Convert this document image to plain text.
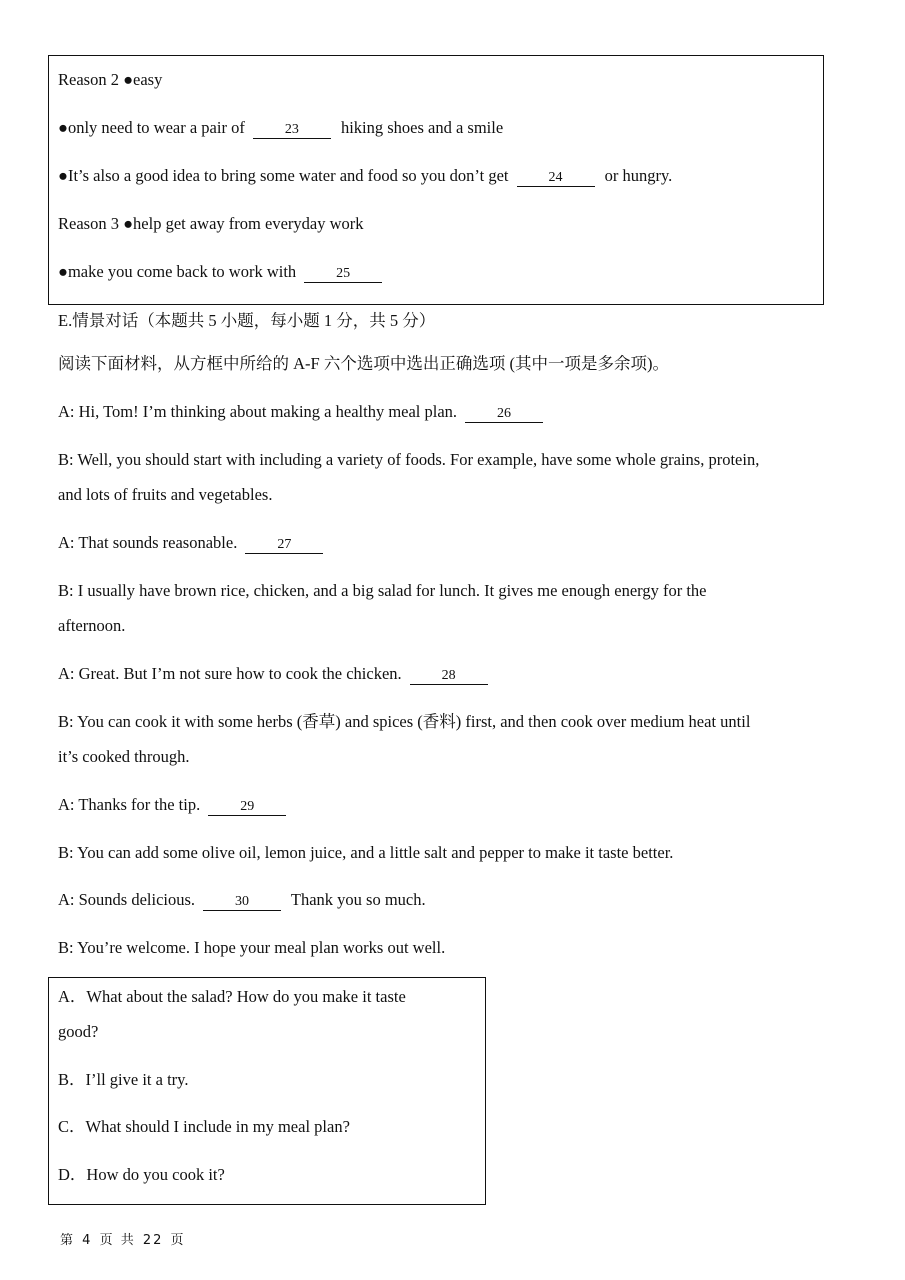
Reason 2 ●easy
●only need to wear a pair of	23	hiking shoes and a smile
●It’s also a good idea to bring some water and food so you don’t get	24	or hungry.
Reason 3 ●help get away from everyday work
●make you come back to work with	25
E.情景对话（本题共 5 小题，每小题 1 分，共 5 分）
阅读下面材料，从方框中所给的 A-F 六个选项中选出正确选项 (其中一项是多余项)。
A: Hi, Tom! I’m thinking about making a healthy meal plan.	26
B: Well, you should start with including a variety of foods. For example, have some whole grains, protein,
and lots of fruits and vegetables.
A: That sounds reasonable.	27
B: I usually have brown rice, chicken, and a big salad for lunch. It gives me enough energy for the
afternoon.
A: Great. But I’m not sure how to cook the chicken.	28
B: You can cook it with some herbs (香草) and spices (香料) first, and then cook over medium heat until
it’s cooked through.
A: Thanks for the tip.	29
B: You can add some olive oil, lemon juice, and a little salt and pepper to make it taste better.
A: Sounds delicious.	30	Thank you so much.
B: You’re welcome. I hope your meal plan works out well.
A．What about the salad? How do you make it taste
good?
B．I’ll give it a try.
C．What should I include in my meal plan?
D．How do you cook it?
第 4 页 共 22 页
